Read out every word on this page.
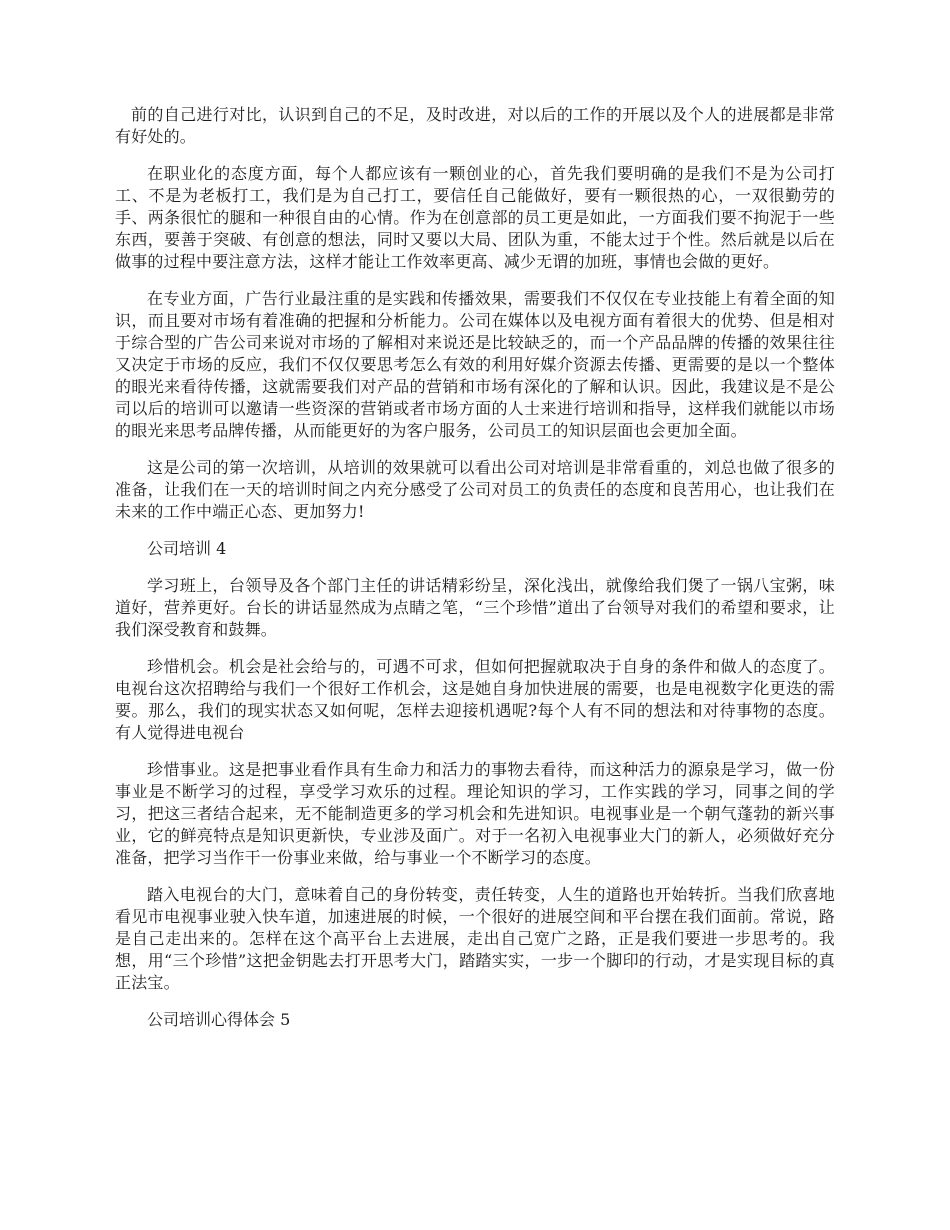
前的自己进行对比，认识到自己的不足，及时改进，对以后的工作的开展以及个人的进展都是非常有好处的。

在职业化的态度方面，每个人都应该有一颗创业的心，首先我们要明确的是我们不是为公司打工、不是为老板打工，我们是为自己打工，要信任自己能做好，要有一颗很热的心，一双很勤劳的手、两条很忙的腿和一种很自由的心情。作为在创意部的员工更是如此，一方面我们要不拘泥于一些东西，要善于突破、有创意的想法，同时又要以大局、团队为重，不能太过于个性。然后就是以后在做事的过程中要注意方法，这样才能让工作效率更高、减少无谓的加班，事情也会做的更好。

在专业方面，广告行业最注重的是实践和传播效果，需要我们不仅仅在专业技能上有着全面的知识，而且要对市场有着准确的把握和分析能力。公司在媒体以及电视方面有着很大的优势、但是相对于综合型的广告公司来说对市场的了解相对来说还是比较缺乏的，而一个产品品牌的传播的效果往往又决定于市场的反应，我们不仅仅要思考怎么有效的利用好媒介资源去传播、更需要的是以一个整体的眼光来看待传播，这就需要我们对产品的营销和市场有深化的了解和认识。因此，我建议是不是公司以后的培训可以邀请一些资深的营销或者市场方面的人士来进行培训和指导，这样我们就能以市场的眼光来思考品牌传播，从而能更好的为客户服务，公司员工的知识层面也会更加全面。

这是公司的第一次培训，从培训的效果就可以看出公司对培训是非常看重的，刘总也做了很多的准备，让我们在一天的培训时间之内充分感受了公司对员工的负责任的态度和良苦用心，也让我们在未来的工作中端正心态、更加努力!

公司培训 4

学习班上，台领导及各个部门主任的讲话精彩纷呈，深化浅出，就像给我们煲了一锅八宝粥，味道好，营养更好。台长的讲话显然成为点睛之笔，“三个珍惜”道出了台领导对我们的希望和要求，让我们深受教育和鼓舞。

珍惜机会。机会是社会给与的，可遇不可求，但如何把握就取决于自身的条件和做人的态度了。电视台这次招聘给与我们一个很好工作机会，这是她自身加快进展的需要，也是电视数字化更迭的需要。那么，我们的现实状态又如何呢，怎样去迎接机遇呢?每个人有不同的想法和对待事物的态度。有人觉得进电视台

珍惜事业。这是把事业看作具有生命力和活力的事物去看待，而这种活力的源泉是学习，做一份事业是不断学习的过程，享受学习欢乐的过程。理论知识的学习，工作实践的学习，同事之间的学习，把这三者结合起来，无不能制造更多的学习机会和先进知识。电视事业是一个朝气蓬勃的新兴事业，它的鲜亮特点是知识更新快，专业涉及面广。对于一名初入电视事业大门的新人，必须做好充分准备，把学习当作干一份事业来做，给与事业一个不断学习的态度。

踏入电视台的大门，意味着自己的身份转变，责任转变，人生的道路也开始转折。当我们欣喜地看见市电视事业驶入快车道，加速进展的时候，一个很好的进展空间和平台摆在我们面前。常说，路是自己走出来的。怎样在这个高平台上去进展，走出自己宽广之路，正是我们要进一步思考的。我想，用“三个珍惜”这把金钥匙去打开思考大门，踏踏实实，一步一个脚印的行动，才是实现目标的真正法宝。

公司培训心得体会 5
